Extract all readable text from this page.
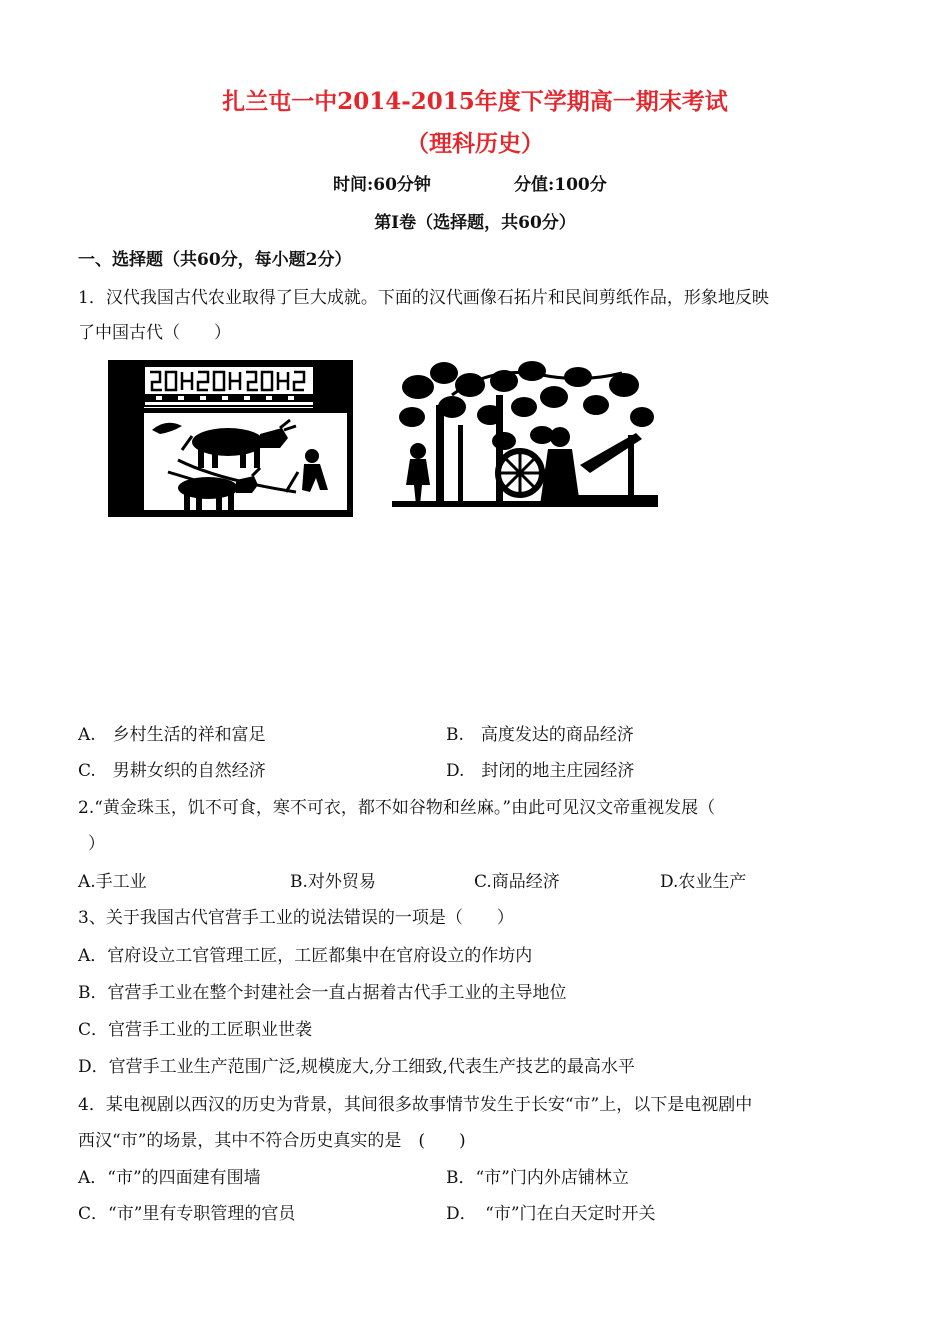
扎兰屯一中2014-2015年度下学期高一期末考试
（理科历史）
时间:60分钟	分值:100分
第Ⅰ卷（选择题，共60分）
一、选择题（共60分，每小题2分）
1．汉代我国古代农业取得了巨大成就。下面的汉代画像石拓片和民间剪纸作品，形象地反映
了中国古代（　　）
A.　乡村生活的祥和富足	B.　高度发达的商品经济
C.　男耕女织的自然经济	D.　封闭的地主庄园经济
2.“黄金珠玉，饥不可食，寒不可衣，都不如谷物和丝麻。”由此可见汉文帝重视发展（
）
A.手工业	B.对外贸易	C.商品经济	D.农业生产
3、关于我国古代官营手工业的说法错误的一项是（　　）
A．官府设立工官管理工匠，工匠都集中在官府设立的作坊内
B．官营手工业在整个封建社会一直占据着古代手工业的主导地位
C．官营手工业的工匠职业世袭
D．官营手工业生产范围广泛,规模庞大,分工细致,代表生产技艺的最高水平
4．某电视剧以西汉的历史为背景，其间很多故事情节发生于长安“市”上，以下是电视剧中
西汉“市”的场景，其中不符合历史真实的是　(　　)
A．“市”的四面建有围墙	B．“市”门内外店铺林立
C．“市”里有专职管理的官员	D．　“市”门在白天定时开关
